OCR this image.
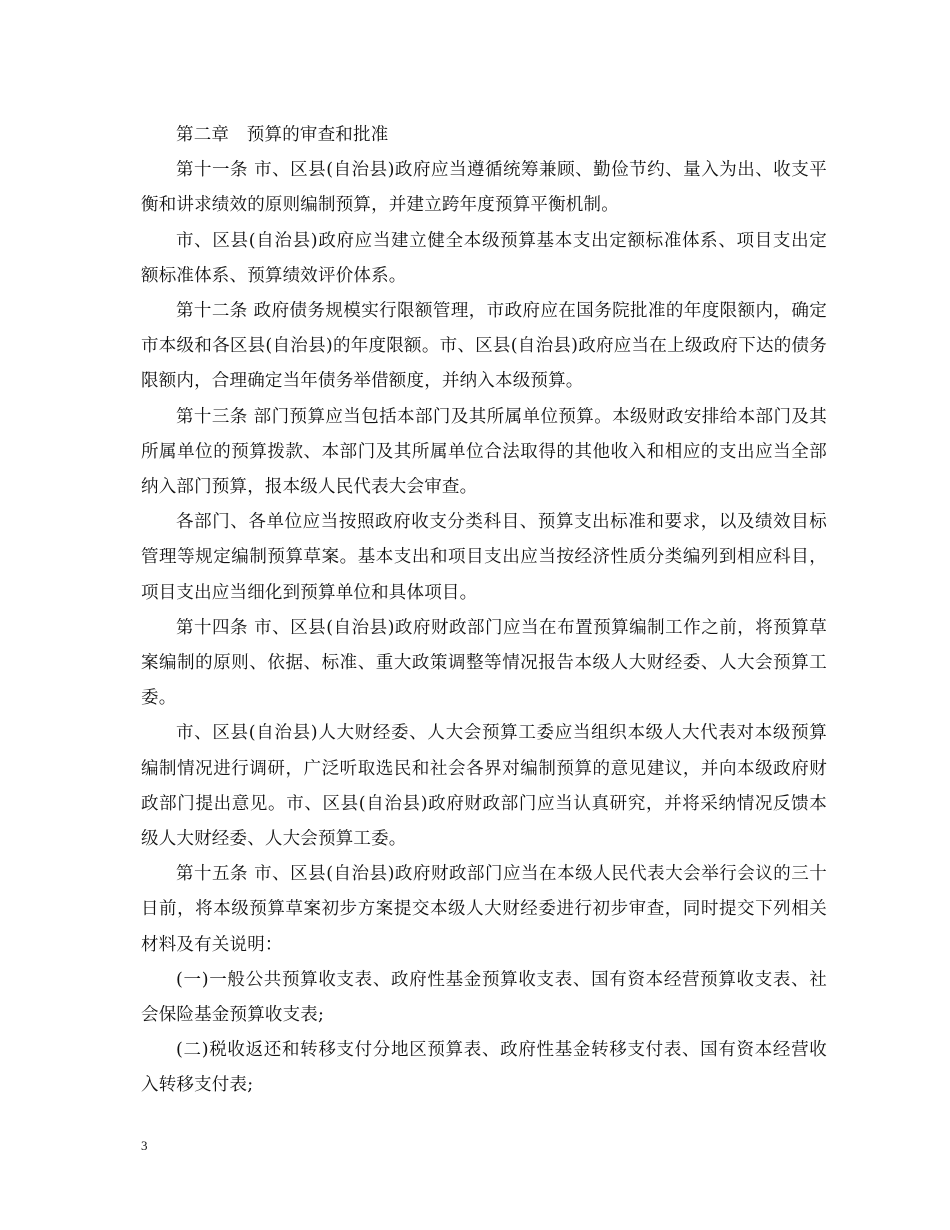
第二章　预算的审查和批准

第十一条 市、区县(自治县)政府应当遵循统筹兼顾、勤俭节约、量入为出、收支平衡和讲求绩效的原则编制预算，并建立跨年度预算平衡机制。

市、区县(自治县)政府应当建立健全本级预算基本支出定额标准体系、项目支出定额标准体系、预算绩效评价体系。

第十二条 政府债务规模实行限额管理，市政府应在国务院批准的年度限额内，确定市本级和各区县(自治县)的年度限额。市、区县(自治县)政府应当在上级政府下达的债务限额内，合理确定当年债务举借额度，并纳入本级预算。

第十三条 部门预算应当包括本部门及其所属单位预算。本级财政安排给本部门及其所属单位的预算拨款、本部门及其所属单位合法取得的其他收入和相应的支出应当全部纳入部门预算，报本级人民代表大会审查。

各部门、各单位应当按照政府收支分类科目、预算支出标准和要求，以及绩效目标管理等规定编制预算草案。基本支出和项目支出应当按经济性质分类编列到相应科目，项目支出应当细化到预算单位和具体项目。

第十四条 市、区县(自治县)政府财政部门应当在布置预算编制工作之前，将预算草案编制的原则、依据、标准、重大政策调整等情况报告本级人大财经委、人大会预算工委。

市、区县(自治县)人大财经委、人大会预算工委应当组织本级人大代表对本级预算编制情况进行调研，广泛听取选民和社会各界对编制预算的意见建议，并向本级政府财政部门提出意见。市、区县(自治县)政府财政部门应当认真研究，并将采纳情况反馈本级人大财经委、人大会预算工委。

第十五条 市、区县(自治县)政府财政部门应当在本级人民代表大会举行会议的三十日前，将本级预算草案初步方案提交本级人大财经委进行初步审查，同时提交下列相关材料及有关说明：

(一)一般公共预算收支表、政府性基金预算收支表、国有资本经营预算收支表、社会保险基金预算收支表;

(二)税收返还和转移支付分地区预算表、政府性基金转移支付表、国有资本经营收入转移支付表;

3
